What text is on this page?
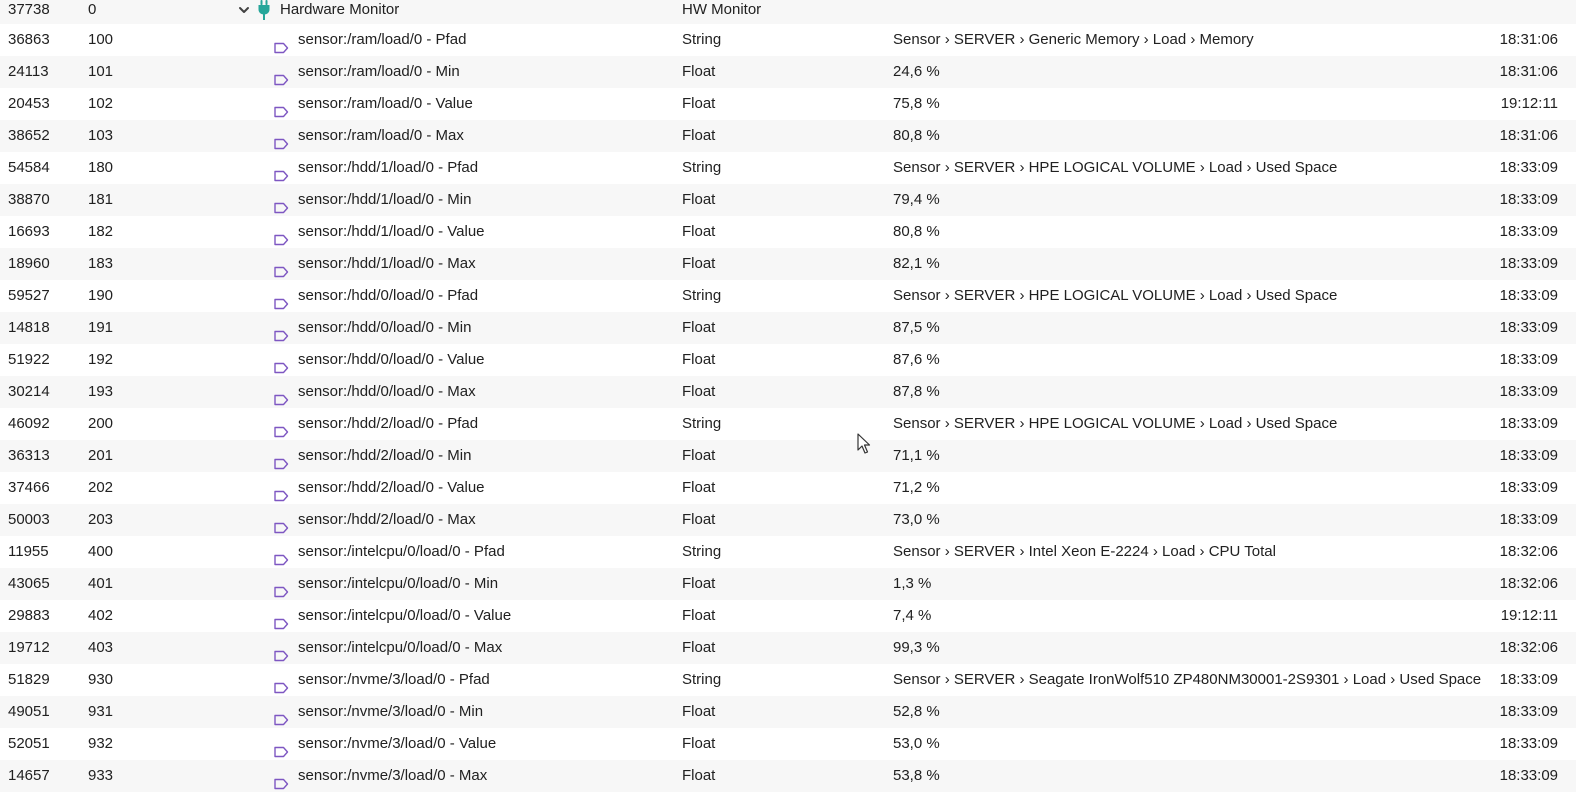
37738	0	Hardware Monitor	HW Monitor
36863	100	sensor:/ram/load/0 - Pfad	String	Sensor › SERVER › Generic Memory › Load › Memory	18:31:06
24113	101	sensor:/ram/load/0 - Min	Float	24,6 %	18:31:06
20453	102	sensor:/ram/load/0 - Value	Float	75,8 %	19:12:11
38652	103	sensor:/ram/load/0 - Max	Float	80,8 %	18:31:06
54584	180	sensor:/hdd/1/load/0 - Pfad	String	Sensor › SERVER › HPE LOGICAL VOLUME › Load › Used Space	18:33:09
38870	181	sensor:/hdd/1/load/0 - Min	Float	79,4 %	18:33:09
16693	182	sensor:/hdd/1/load/0 - Value	Float	80,8 %	18:33:09
18960	183	sensor:/hdd/1/load/0 - Max	Float	82,1 %	18:33:09
59527	190	sensor:/hdd/0/load/0 - Pfad	String	Sensor › SERVER › HPE LOGICAL VOLUME › Load › Used Space	18:33:09
14818	191	sensor:/hdd/0/load/0 - Min	Float	87,5 %	18:33:09
51922	192	sensor:/hdd/0/load/0 - Value	Float	87,6 %	18:33:09
30214	193	sensor:/hdd/0/load/0 - Max	Float	87,8 %	18:33:09
46092	200	sensor:/hdd/2/load/0 - Pfad	String	Sensor › SERVER › HPE LOGICAL VOLUME › Load › Used Space	18:33:09
36313	201	sensor:/hdd/2/load/0 - Min	Float	71,1 %	18:33:09
37466	202	sensor:/hdd/2/load/0 - Value	Float	71,2 %	18:33:09
50003	203	sensor:/hdd/2/load/0 - Max	Float	73,0 %	18:33:09
11955	400	sensor:/intelcpu/0/load/0 - Pfad	String	Sensor › SERVER › Intel Xeon E-2224 › Load › CPU Total	18:32:06
43065	401	sensor:/intelcpu/0/load/0 - Min	Float	1,3 %	18:32:06
29883	402	sensor:/intelcpu/0/load/0 - Value	Float	7,4 %	19:12:11
19712	403	sensor:/intelcpu/0/load/0 - Max	Float	99,3 %	18:32:06
51829	930	sensor:/nvme/3/load/0 - Pfad	String	Sensor › SERVER › Seagate IronWolf510 ZP480NM30001-2S9301 › Load › Used Space	18:33:09
49051	931	sensor:/nvme/3/load/0 - Min	Float	52,8 %	18:33:09
52051	932	sensor:/nvme/3/load/0 - Value	Float	53,0 %	18:33:09
14657	933	sensor:/nvme/3/load/0 - Max	Float	53,8 %	18:33:09
